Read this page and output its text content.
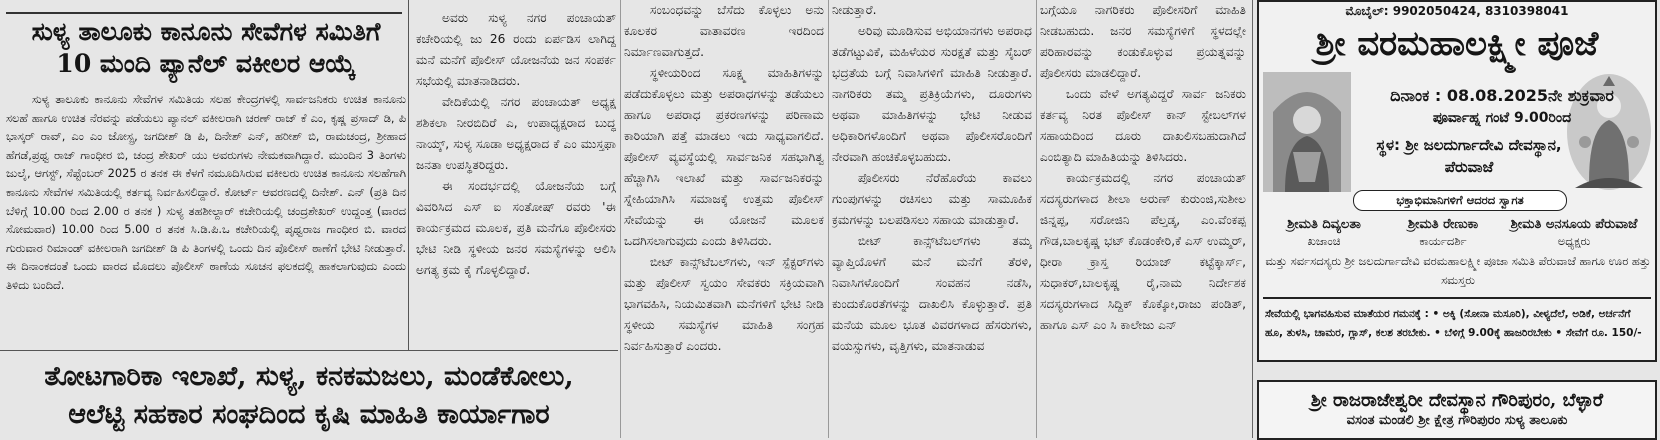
ಸುಳ್ಯ ತಾಲೂಕು ಕಾನೂನು ಸೇವೆಗಳ ಸಮಿತಿಗೆ

10 ಮಂದಿ ಪ್ಯಾನೆಲ್ ವಕೀಲರ ಆಯ್ಕೆ

ಸುಳ್ಯ ತಾಲೂಕು ಕಾನೂನು ಸೇವೆಗಳ ಸಮಿತಿಯ ಸಲಹ ಕೇಂದ್ರಗಳಲ್ಲಿ ಸಾರ್ವಜನಿಕರು ಉಚಿತ ಕಾನೂನು ಸಲಹೆ ಹಾಗೂ ಉಚಿತ ನೆರವನ್ನು ಪಡೆಯಲು ಪ್ಯಾನಲ್ ವಕೀಲರಾಗಿ ಚರಣ್ ರಾಜ್ ಕೆ ಎಂ, ಕೃಷ್ಣ ಪ್ರಸಾದ್ ಡಿ, ಪಿ ಭಾಸ್ಕರ್ ರಾವ್, ಎಂ ಎಂ ಜೋಸ್ಪ್ರ, ಜಗದೀಶ್ ಡಿ ಪಿ, ದಿನೇಶ್ ಎನ್, ಹರೀಶ್ ಬಿ, ರಾಮಚಂದ್ರ, ಶ್ರೀಹಾದ ಹೆಗಡೆ,ಪ್ರಥ್ವ ರಾಜ್ ಗಾಂಧೀರ ಬಿ, ಚಂದ್ರ ಶೇಖರ್ ಯು ಅವರುಗಳು ನೇಮಕವಾಗಿದ್ದಾರೆ. ಮುಂದಿನ 3 ತಿಂಗಳು ಜುಲೈ, ಆಗಸ್ಟ್, ಸೆಪ್ಟೆಂಬರ್ 2025 ರ ತನಕ ಈ ಕೆಳಗೆ ನಮೂದಿಸಿರುವ ವಕೀಲರು ಉಚಿತ ಕಾನೂನು ಸಲಹೆಗಾಗಿ ಕಾನೂನು ಸೇವೆಗಳ ಸಮಿತಿಯಲ್ಲಿ ಕರ್ತವ್ಯ ನಿರ್ವಹಿಸಲಿದ್ದಾರೆ. ಕೋರ್ಟ್ ಆವರಣದಲ್ಲಿ ದಿನೇಶ್. ಎನ್ (ಪ್ರತಿ ದಿನ ಬೆಳಿಗ್ಗೆ 10.00 ರಿಂದ 2.00 ರ ತನಕ ) ಸುಳ್ಯ ತಹಶೀಲ್ದಾರ್ ಕಚೇರಿಯಲ್ಲಿ ಚಂದ್ರಶೇಖರ್ ಉದ್ದಂತ್ತ (ವಾರದ ಸೋಮವಾರ) 10.00 ರಿಂದ 5.00 ರ ತನಕ ಸಿ.ಡಿ.ಪಿ.ಒ ಕಚೇರಿಯಲ್ಲಿ ಪೃಥ್ವರಾಜ ಗಾಂಧೀರ ಬಿ. ವಾರದ ಗುರುವಾರ ರಿಮಾಂಡ್ ವಕೀಲರಾಗಿ ಜಗದೀಶ್ ಡಿ ಪಿ ತಿಂಗಳಲ್ಲಿ ಒಂದು ದಿನ ಪೊಲೀಸ್ ಠಾಣೆಗೆ ಭೇಟಿ ನೀಡುತ್ತಾರೆ. ಈ ದಿನಾಂಕದಂತೆ ಒಂದು ವಾರದ ಮೊದಲು ಪೊಲೀಸ್ ಠಾಣೆಯ ಸೂಚನ ಫಲಕದಲ್ಲಿ ಹಾಕಲಾಗುವುದು ಎಂದು ತಿಳಿದು ಬಂದಿದೆ.

ಅವರು ಸುಳ್ಯ ನಗರ ಪಂಚಾಯತ್ ಕಚೇರಿಯಲ್ಲಿ ಜು 26 ರಂದು ಏರ್ಪಡಿಸ ಲಾಗಿದ್ದ ಮನೆ ಮನೆಗೆ ಪೊಲೀಸ್ ಯೋಜನೆಯ ಜನ ಸಂಪರ್ಕ ಸಭೆಯಲ್ಲಿ ಮಾತನಾಡಿದರು.

ವೇದಿಕೆಯಲ್ಲಿ ನಗರ ಪಂಚಾಯತ್ ಅಧ್ಯಕ್ಷ ಶಶಿಕಲಾ ನೀರಬಿದಿರೆ ಎ, ಉಪಾಧ್ಯಕ್ಷರಾದ ಬುದ್ಧ ನಾಯ್ಕ್, ಸುಳ್ಯ ಸೂಡಾ ಅಧ್ಯಕ್ಷರಾದ ಕೆ ಎಂ ಮುಸ್ತಫಾ ಜನತಾ ಉಪಸ್ಥಿತರಿದ್ದರು.

ಈ ಸಂದರ್ಭದಲ್ಲಿ ಯೋಜನೆಯ ಬಗ್ಗೆ ವಿವರಿಸಿದ ಎಸ್ ಐ ಸಂತೋಷ್ ರವರು 'ಈ ಕಾರ್ಯಕ್ರಮದ ಮೂಲಕ, ಪ್ರತಿ ಮನೆಗೂ ಪೊಲೀಸರು ಭೇಟಿ ನೀಡಿ ಸ್ಥಳೀಯ ಜನರ ಸಮಸ್ಯೆಗಳನ್ನು ಆಲಿಸಿ ಅಗತ್ಯ ಕ್ರಮ ಕೈ ಗೊಳ್ಳಲಿದ್ದಾರೆ.

ಸಂಬಂಧವನ್ನು ಬೆಸೆದು ಕೊಳ್ಳಲು ಅನು ಕೂಲಕರ ವಾತಾವರಣ ಇರದಿಂದ ನಿರ್ಮಾಣವಾಗುತ್ತದೆ.

ಸ್ಥಳೀಯರಿಂದ ಸೂಕ್ಷ್ಮ ಮಾಹಿತಿಗಳನ್ನು ಪಡೆದುಕೊಳ್ಳಲು ಮತ್ತು ಅಪರಾಧಗಳನ್ನು ತಡೆಯಲು ಹಾಗೂ ಅಪರಾಧ ಪ್ರಕರಣಗಳನ್ನು ಪರಿಣಾಮ ಕಾರಿಯಾಗಿ ಪತ್ತೆ ಮಾಡಲು ಇದು ಸಾಧ್ಯವಾಗಲಿದೆ. ಪೊಲೀಸ್ ವ್ಯವಸ್ಥೆಯಲ್ಲಿ ಸಾರ್ವಜನಿಕ ಸಹಭಾಗಿತ್ವ ಹೆಚ್ಚಾಗಿಸಿ ಇಲಾಖೆ ಮತ್ತು ಸಾರ್ವಜನಿಕರನ್ನು ಸ್ನೇಹಿಯಾಗಿಸಿ ಸಮಾಜಕ್ಕೆ ಉತ್ತಮ ಪೊಲೀಸ್ ಸೇವೆಯನ್ನು ಈ ಯೋಜನೆ ಮೂಲಕ ಒದಗಿಸಲಾಗುವುದು ಎಂದು ತಿಳಿಸಿದರು.

ಬೀಟ್ ಕಾನ್ಸ್‌ಟೆಬಲ್‌ಗಳು, ಇನ್ ಸ್ಪೆಕ್ಟರ್‌ಗಳು ಮತ್ತು ಪೊಲೀಸ್ ಸ್ವಯಂ ಸೇವಕರು ಸಕ್ರಿಯವಾಗಿ ಭಾಗವಹಿಸಿ, ನಿಯಮಿತವಾಗಿ ಮನೆಗಳಿಗೆ ಭೇಟಿ ನೀಡಿ ಸ್ಥಳೀಯ ಸಮಸ್ಯೆಗಳ ಮಾಹಿತಿ ಸಂಗ್ರಹ ನಿರ್ವಹಿಸುತ್ತಾರೆ ಎಂದರು.

ನೀಡುತ್ತಾರೆ.

ಅರಿವು ಮೂಡಿಸುವ ಅಭಿಯಾನಗಳು ಅಪರಾಧ ತಡೆಗಟ್ಟುವಿಕೆ, ಮಹಿಳೆಯರ ಸುರಕ್ಷತೆ ಮತ್ತು ಸೈಬರ್ ಭದ್ರತೆಯ ಬಗ್ಗೆ ನಿವಾಸಿಗಳಿಗೆ ಮಾಹಿತಿ ನೀಡುತ್ತಾರೆ. ನಾಗರಿಕರು ತಮ್ಮ ಪ್ರತಿಕ್ರಿಯೆಗಳು, ದೂರುಗಳು ಅಥವಾ ಮಾಹಿತಿಗಳನ್ನು ಭೇಟಿ ನೀಡುವ ಅಧಿಕಾರಿಗಳೊಂದಿಗೆ ಅಥವಾ ಪೊಲೀಸರೊಂದಿಗೆ ನೇರವಾಗಿ ಹಂಚಿಕೊಳ್ಳಬಹುದು.

ಪೊಲೀಸರು ನೆರೆಹೊರೆಯ ಕಾವಲು ಗುಂಪುಗಳನ್ನು ರಚಿಸಲು ಮತ್ತು ಸಾಮೂಹಿಕ ಕ್ರಮಗಳನ್ನು ಬಲಪಡಿಸಲು ಸಹಾಯ ಮಾಡುತ್ತಾರೆ.

ಬೀಟ್ ಕಾನ್ಸ್‌ಟೆಬಲ್‌ಗಳು ತಮ್ಮ ವ್ಯಾಪ್ತಿಯೊಳಗೆ ಮನೆ ಮನೆಗೆ ತೆರಳಿ, ನಿವಾಸಿಗಳೊಂದಿಗೆ ಸಂವಹನ ನಡೆಸಿ, ಕುಂದುಕೊರತೆಗಳನ್ನು ದಾಖಲಿಸಿ ಕೊಳ್ಳುತ್ತಾರೆ. ಪ್ರತಿ ಮನೆಯ ಮೂಲ ಭೂತ ವಿವರಗಳಾದ ಹೆಸರುಗಳು, ವಯಸ್ಸುಗಳು, ವೃತ್ತಿಗಳು, ಮಾತನಾಡುವ

ಬಗ್ಗೆಯೂ ನಾಗರಿಕರು ಪೊಲೀಸರಿಗೆ ಮಾಹಿತಿ ನೀಡಬಹುದು. ಜನರ ಸಮಸ್ಯೆಗಳಿಗೆ ಸ್ಥಳದಲ್ಲೇ ಪರಿಹಾರವನ್ನು ಕಂಡುಕೊಳ್ಳುವ ಪ್ರಯತ್ನವನ್ನು ಪೊಲೀಸರು ಮಾಡಲಿದ್ದಾರೆ.

ಒಂದು ವೇಳೆ ಅಗತ್ಯವಿದ್ದರೆ ಸಾರ್ವ ಜನಿಕರು ಕರ್ತವ್ಯ ನಿರತ ಪೊಲೀಸ್ ಕಾನ್ ಸ್ಟೇಬಲ್‌ಗಳ ಸಹಾಯದಿಂದ ದೂರು ದಾಖಲಿಸಬಹುದಾಗಿದೆ ಎಂಬಿತ್ಯಾದಿ ಮಾಹಿತಿಯನ್ನು ತಿಳಿಸಿದರು.

ಕಾರ್ಯಕ್ರಮದಲ್ಲಿ ನಗರ ಪಂಚಾಯತ್ ಸದಸ್ಯರುಗಳಾದ ಶೀಲಾ ಅರುಣ್ ಕುರುಂಜಿ,ಸುಶೀಲ ಜಿನ್ನಪ್ಪ, ಸರೋಜಿನಿ ಪೆಲ್ತಡ್ಕ, ಎಂ.ವೆಂಕಪ್ಪ ಗೌಡ,ಬಾಲಕೃಷ್ಣ ಭಟ್ ಕೊಡಂಕೇರಿ,ಕೆ ಎಸ್ ಉಮ್ಮರ್, ಧೀರಾ ಕ್ರಾಸ್ತ ರಿಯಾಜ್ ಕಟ್ಟೆಕ್ಕಾರ್ಸ್, ಸುಧಾಕರ್,ಬಾಲಕೃಷ್ಣ ರೈ,ನಾಮ ನಿರ್ದೇಶಕ ಸದಸ್ಯರುಗಳಾದ ಸಿದ್ದಿಕ್ ಕೊಕ್ಕೋ,ರಾಜು ಪಂಡಿತ್, ಹಾಗೂ ಎಸ್ ಎಂ ಸಿ ಕಾಲೇಜು ಎನ್

ತೋಟಗಾರಿಕಾ ಇಲಾಖೆ, ಸುಳ್ಯ, ಕನಕಮಜಲು, ಮಂಡೆಕೋಲು,

ಆಲೆಟ್ಟಿ ಸಹಕಾರ ಸಂಘದಿಂದ ಕೃಷಿ ಮಾಹಿತಿ ಕಾರ್ಯಾಗಾರ

ಮೊಬೈಲ್: 9902050424, 8310398041
ಶ್ರೀ ವರಮಹಾಲಕ್ಷ್ಮೀ ಪೂಜೆ
ದಿನಾಂಕ : 08.08.2025ನೇ ಶುಕ್ರವಾರ
ಪೂರ್ವಾಹ್ನ ಗಂಟೆ 9.00ರಿಂದ
ಸ್ಥಳ: ಶ್ರೀ ಜಲದುರ್ಗಾದೇವಿ ದೇವಸ್ಥಾನ, ಪೆರುವಾಜೆ
ಭಕ್ತಾಭಿಮಾನಿಗಳಿಗೆ ಆದರದ ಸ್ವಾಗತ
ಶ್ರೀಮತಿ ದಿವ್ಯಲತಾ
ಖಜಾಂಚಿ
ಶ್ರೀಮತಿ ರೇಣುಕಾ
ಕಾರ್ಯದರ್ಶಿ
ಶ್ರೀಮತಿ ಅನಸೂಯ ಪೆರುವಾಜೆ
ಅಧ್ಯಕ್ಷರು
ಮತ್ತು ಸರ್ವಸದಸ್ಯರು ಶ್ರೀ ಜಲದುರ್ಗಾದೇವಿ ವರಮಹಾಲಕ್ಷ್ಮೀ ಪೂಜಾ ಸಮಿತಿ ಪೆರುವಾಜೆ ಹಾಗೂ ಊರ ಹತ್ತು ಸಮಸ್ತರು
ಸೇವೆಯಲ್ಲಿ ಭಾಗವಹಿಸುವ ಮಾತೆಯರ ಗಮನಕ್ಕೆ : • ಅಕ್ಕಿ (ಸೋನಾ ಮಸೂರಿ), ವೀಳ್ಯದೆಲೆ, ಅಡಿಕೆ, ಅರ್ಚನೆಗೆ ಹೂ, ತುಳಸಿ, ಚಾಮರ, ಗ್ಲಾಸ್, ಕಲಶ ತರಬೇಕು. • ಬೆಳಿಗ್ಗೆ 9.00ಕ್ಕೆ ಹಾಜರಿರಬೇಕು • ಸೇವೆಗೆ ರೂ. 150/-
ಶ್ರೀ ರಾಜರಾಜೇಶ್ವರೀ ದೇವಸ್ಥಾನ ಗೌರಿಪುರಂ, ಬೆಳ್ಳಾರೆ
ವಸಂತ ಮಂಡಲಿ ಶ್ರೀ ಕ್ಷೇತ್ರ ಗೌರಿಪುರಂ ಸುಳ್ಯ ತಾಲೂಕು
